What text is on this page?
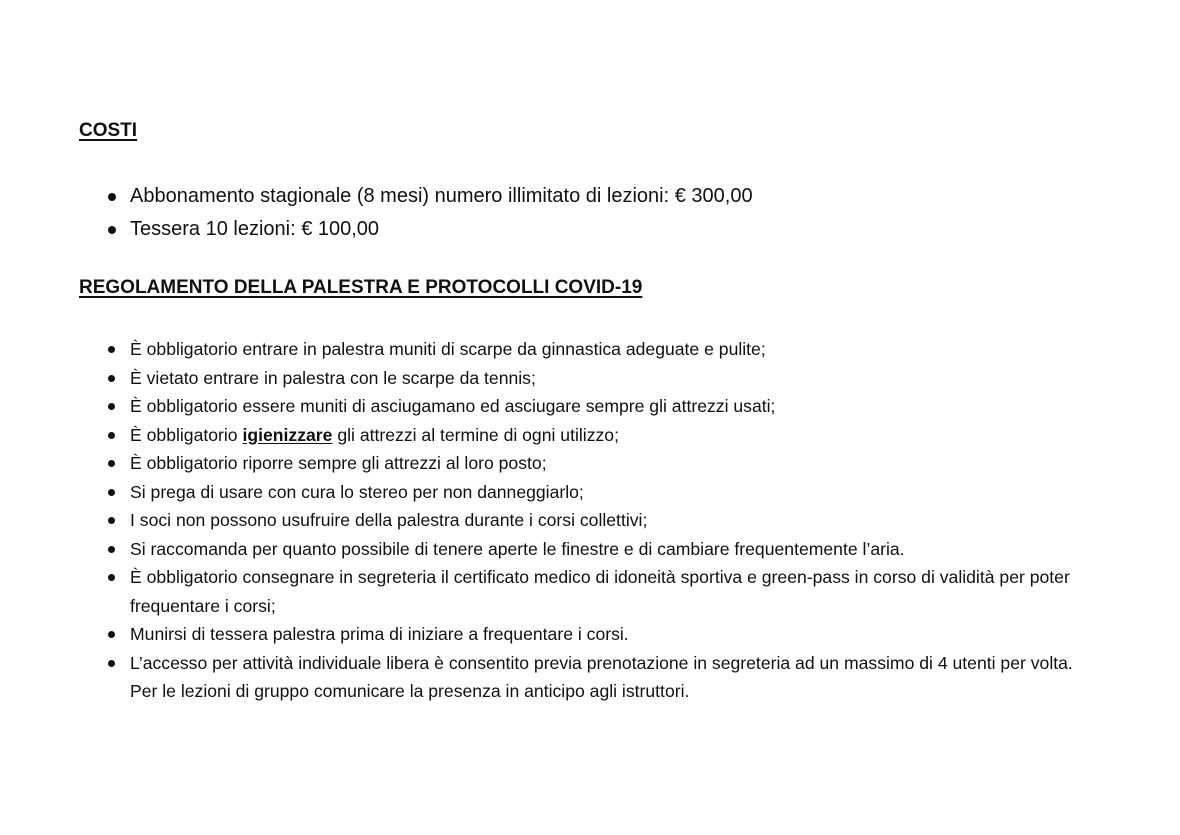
COSTI
Abbonamento stagionale (8 mesi) numero illimitato di lezioni: € 300,00
Tessera 10 lezioni: € 100,00
REGOLAMENTO DELLA PALESTRA E PROTOCOLLI COVID-19
È obbligatorio entrare in palestra muniti di scarpe da ginnastica adeguate e pulite;
È vietato entrare in palestra con le scarpe da tennis;
È obbligatorio essere muniti di asciugamano ed asciugare sempre gli attrezzi usati;
È obbligatorio igienizzare gli attrezzi al termine di ogni utilizzo;
È obbligatorio riporre sempre gli attrezzi al loro posto;
Si prega di usare con cura lo stereo per non danneggiarlo;
I soci non possono usufruire della palestra durante i corsi collettivi;
Si raccomanda per quanto possibile di tenere aperte le finestre e di cambiare frequentemente l’aria.
È obbligatorio consegnare in segreteria il certificato medico di idoneità sportiva e green-pass in corso di validità per poter frequentare i corsi;
Munirsi di tessera palestra prima di iniziare a frequentare i corsi.
L’accesso per attività individuale libera è consentito previa prenotazione in segreteria ad un massimo di 4 utenti per volta. Per le lezioni di gruppo comunicare la presenza in anticipo agli istruttori.
